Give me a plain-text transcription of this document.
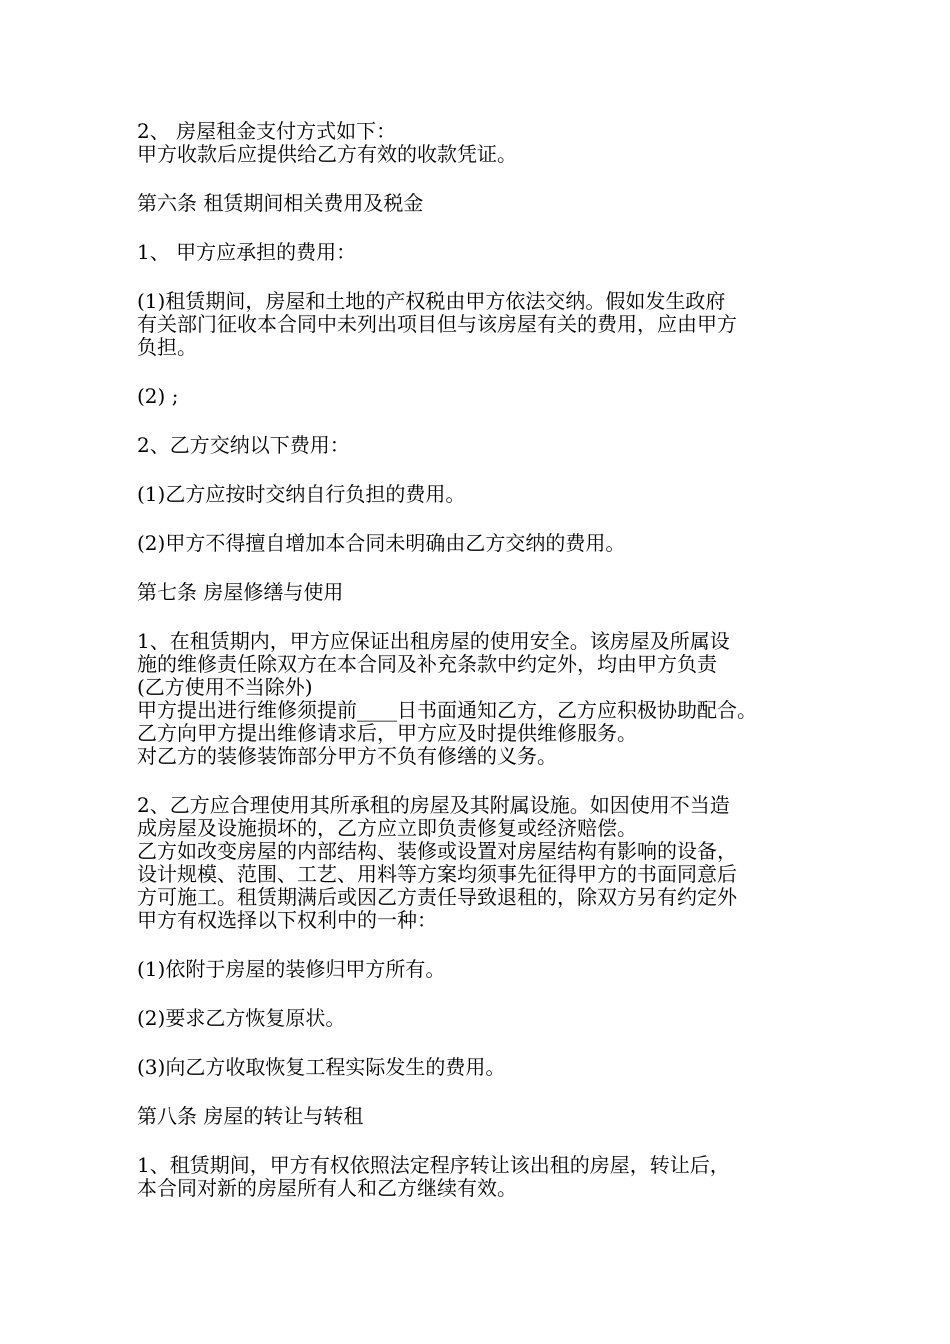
2、 房屋租金支付方式如下：
甲方收款后应提供给乙方有效的收款凭证。

第六条 租赁期间相关费用及税金

1、 甲方应承担的费用：

(1)租赁期间，房屋和土地的产权税由甲方依法交纳。假如发生政府
有关部门征收本合同中未列出项目但与该房屋有关的费用，应由甲方
负担。

(2) ;

2、乙方交纳以下费用：

(1)乙方应按时交纳自行负担的费用。

(2)甲方不得擅自增加本合同未明确由乙方交纳的费用。

第七条 房屋修缮与使用

1、在租赁期内，甲方应保证出租房屋的使用安全。该房屋及所属设
施的维修责任除双方在本合同及补充条款中约定外，均由甲方负责
(乙方使用不当除外)
甲方提出进行维修须提前____日书面通知乙方，乙方应积极协助配合。
乙方向甲方提出维修请求后，甲方应及时提供维修服务。
对乙方的装修装饰部分甲方不负有修缮的义务。

2、乙方应合理使用其所承租的房屋及其附属设施。如因使用不当造
成房屋及设施损坏的，乙方应立即负责修复或经济赔偿。
乙方如改变房屋的内部结构、装修或设置对房屋结构有影响的设备，
设计规模、范围、工艺、用料等方案均须事先征得甲方的书面同意后
方可施工。租赁期满后或因乙方责任导致退租的，除双方另有约定外
甲方有权选择以下权利中的一种：

(1)依附于房屋的装修归甲方所有。

(2)要求乙方恢复原状。

(3)向乙方收取恢复工程实际发生的费用。

第八条 房屋的转让与转租

1、租赁期间，甲方有权依照法定程序转让该出租的房屋，转让后，
本合同对新的房屋所有人和乙方继续有效。
